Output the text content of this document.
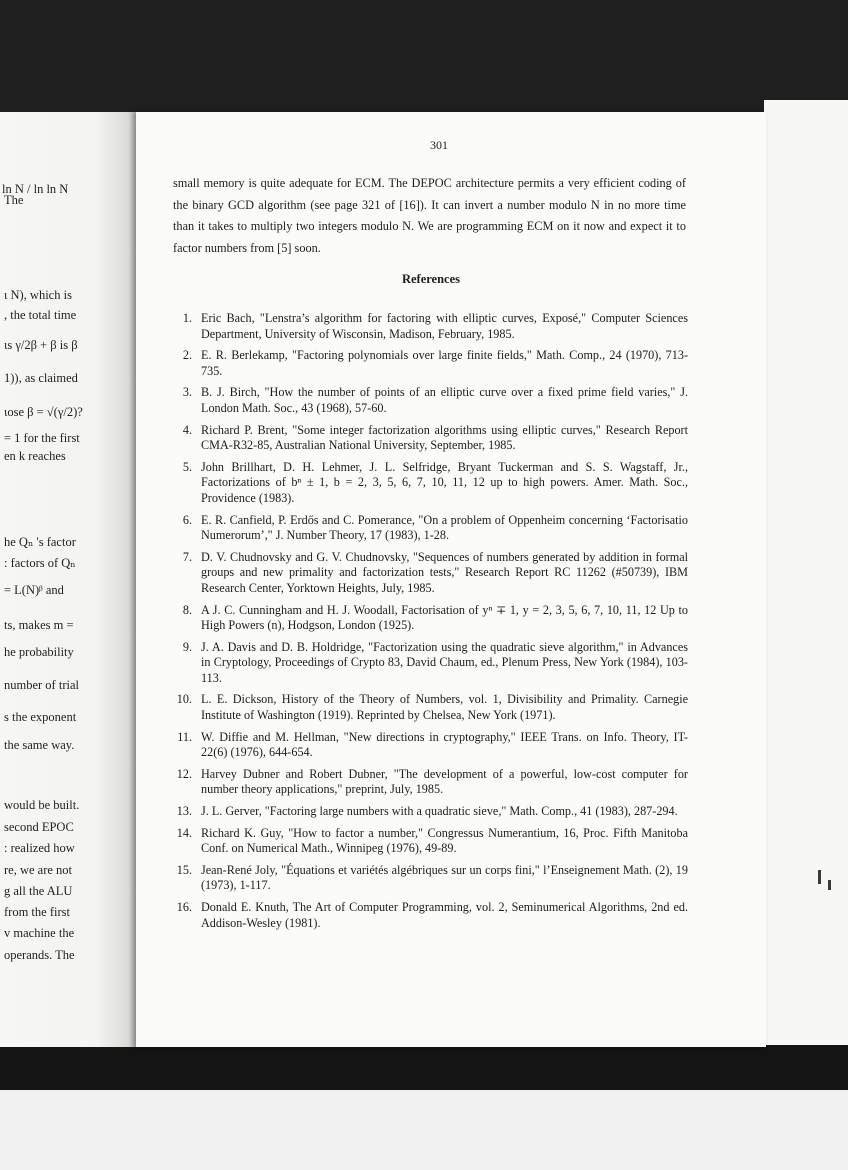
ln N / ln ln N
The
ι N), which is
, the total time
ιs γ/2β + β is β
1)), as claimed
ιose β = √(γ/2)?
= 1 for the first
en k reaches
he Qₙ 's factor
: factors of Qₙ
= L(N)ᵝ and
ts, makes m =
he probability
number of trial
s the exponent
the same way.
would be built.
second EPOC
: realized how
re, we are not
g all the ALU
from the first
v machine the
operands. The
301

small memory is quite adequate for ECM. The DEPOC architecture permits a very efficient coding of the binary GCD algorithm (see page 321 of [16]). It can invert a number modulo N in no more time than it takes to multiply two integers modulo N. We are programming ECM on it now and expect it to factor numbers from [5] soon.

References
1. Eric Bach, "Lenstra’s algorithm for factoring with elliptic curves, Exposé," Computer Sciences Department, University of Wisconsin, Madison, February, 1985.
2. E. R. Berlekamp, "Factoring polynomials over large finite fields," Math. Comp., 24 (1970), 713-735.
3. B. J. Birch, "How the number of points of an elliptic curve over a fixed prime field varies," J. London Math. Soc., 43 (1968), 57-60.
4. Richard P. Brent, "Some integer factorization algorithms using elliptic curves," Research Report CMA-R32-85, Australian National University, September, 1985.
5. John Brillhart, D. H. Lehmer, J. L. Selfridge, Bryant Tuckerman and S. S. Wagstaff, Jr., Factorizations of bⁿ ± 1, b = 2, 3, 5, 6, 7, 10, 11, 12 up to high powers. Amer. Math. Soc., Providence (1983).
6. E. R. Canfield, P. Erdős and C. Pomerance, "On a problem of Oppenheim concerning ‘Factorisatio Numerorum’," J. Number Theory, 17 (1983), 1-28.
7. D. V. Chudnovsky and G. V. Chudnovsky, "Sequences of numbers generated by addition in formal groups and new primality and factorization tests," Research Report RC 11262 (#50739), IBM Research Center, Yorktown Heights, July, 1985.
8. A J. C. Cunningham and H. J. Woodall, Factorisation of yⁿ ∓ 1, y = 2, 3, 5, 6, 7, 10, 11, 12 Up to High Powers (n), Hodgson, London (1925).
9. J. A. Davis and D. B. Holdridge, "Factorization using the quadratic sieve algorithm," in Advances in Cryptology, Proceedings of Crypto 83, David Chaum, ed., Plenum Press, New York (1984), 103-113.
10. L. E. Dickson, History of the Theory of Numbers, vol. 1, Divisibility and Primality. Carnegie Institute of Washington (1919). Reprinted by Chelsea, New York (1971).
11. W. Diffie and M. Hellman, "New directions in cryptography," IEEE Trans. on Info. Theory, IT-22(6) (1976), 644-654.
12. Harvey Dubner and Robert Dubner, "The development of a powerful, low-cost computer for number theory applications," preprint, July, 1985.
13. J. L. Gerver, "Factoring large numbers with a quadratic sieve," Math. Comp., 41 (1983), 287-294.
14. Richard K. Guy, "How to factor a number," Congressus Numerantium, 16, Proc. Fifth Manitoba Conf. on Numerical Math., Winnipeg (1976), 49-89.
15. Jean-René Joly, "Équations et variétés algébriques sur un corps fini," l’Enseignement Math. (2), 19 (1973), 1-117.
16. Donald E. Knuth, The Art of Computer Programming, vol. 2, Seminumerical Algorithms, 2nd ed. Addison-Wesley (1981).
